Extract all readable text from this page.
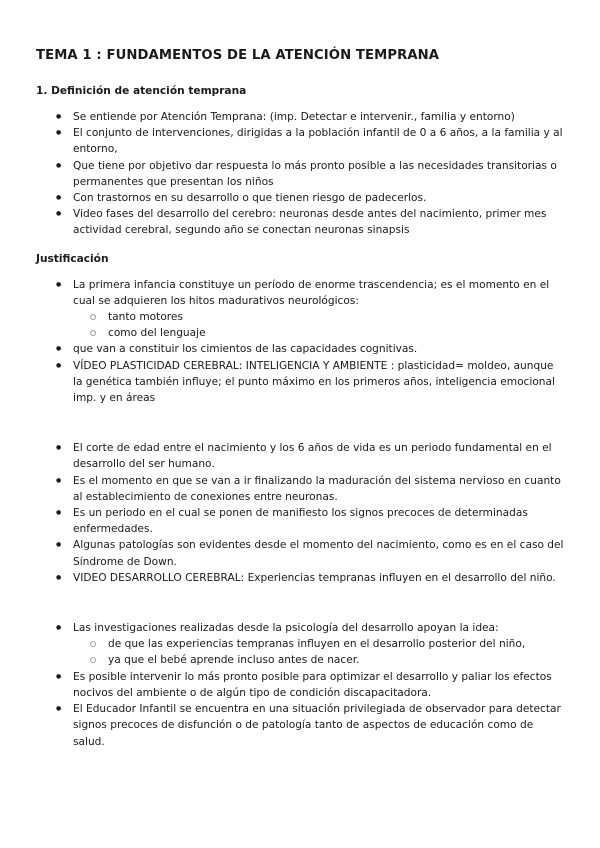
TEMA 1 : FUNDAMENTOS DE LA ATENCIÓN TEMPRANA
1. Definición de atención temprana
● Se entiende por Atención Temprana: (imp. Detectar e intervenir., familia y entorno)
● El conjunto de intervenciones, dirigidas a la población infantil de 0 a 6 años, a la familia y al entorno,
● Que tiene por objetivo dar respuesta lo más pronto posible a las necesidades transitorias o permanentes que presentan los niños
● Con trastornos en su desarrollo o que tienen riesgo de padecerlos.
● Video fases del desarrollo del cerebro: neuronas desde antes del nacimiento, primer mes actividad cerebral, segundo año se conectan neuronas sinapsis
Justificación
● La primera infancia constituye un período de enorme trascendencia; es el momento en el cual se adquieren los hitos madurativos neurológicos:
○ tanto motores
○ como del lenguaje
● que van a constituir los cimientos de las capacidades cognitivas.
● VÍDEO PLASTICIDAD CEREBRAL: INTELIGENCIA Y AMBIENTE : plasticidad= moldeo, aunque la genética también influye; el punto máximo en los primeros años, inteligencia emocional imp. y en áreas
● El corte de edad entre el nacimiento y los 6 años de vida es un periodo fundamental en el desarrollo del ser humano.
● Es el momento en que se van a ir finalizando la maduración del sistema nervioso en cuanto al establecimiento de conexiones entre neuronas.
● Es un periodo en el cual se ponen de manifiesto los signos precoces de determinadas enfermedades.
● Algunas patologías son evidentes desde el momento del nacimiento, como es en el caso del Síndrome de Down.
● VIDEO DESARROLLO CEREBRAL: Experiencias tempranas influyen en el desarrollo del niño.
● Las investigaciones realizadas desde la psicología del desarrollo apoyan la idea:
○ de que las experiencias tempranas influyen en el desarrollo posterior del niño,
○ ya que el bebé aprende incluso antes de nacer.
● Es posible intervenir lo más pronto posible para optimizar el desarrollo y paliar los efectos nocivos del ambiente o de algún tipo de condición discapacitadora.
● El Educador Infantil se encuentra en una situación privilegiada de observador para detectar signos precoces de disfunción o de patología tanto de aspectos de educación como de salud.
